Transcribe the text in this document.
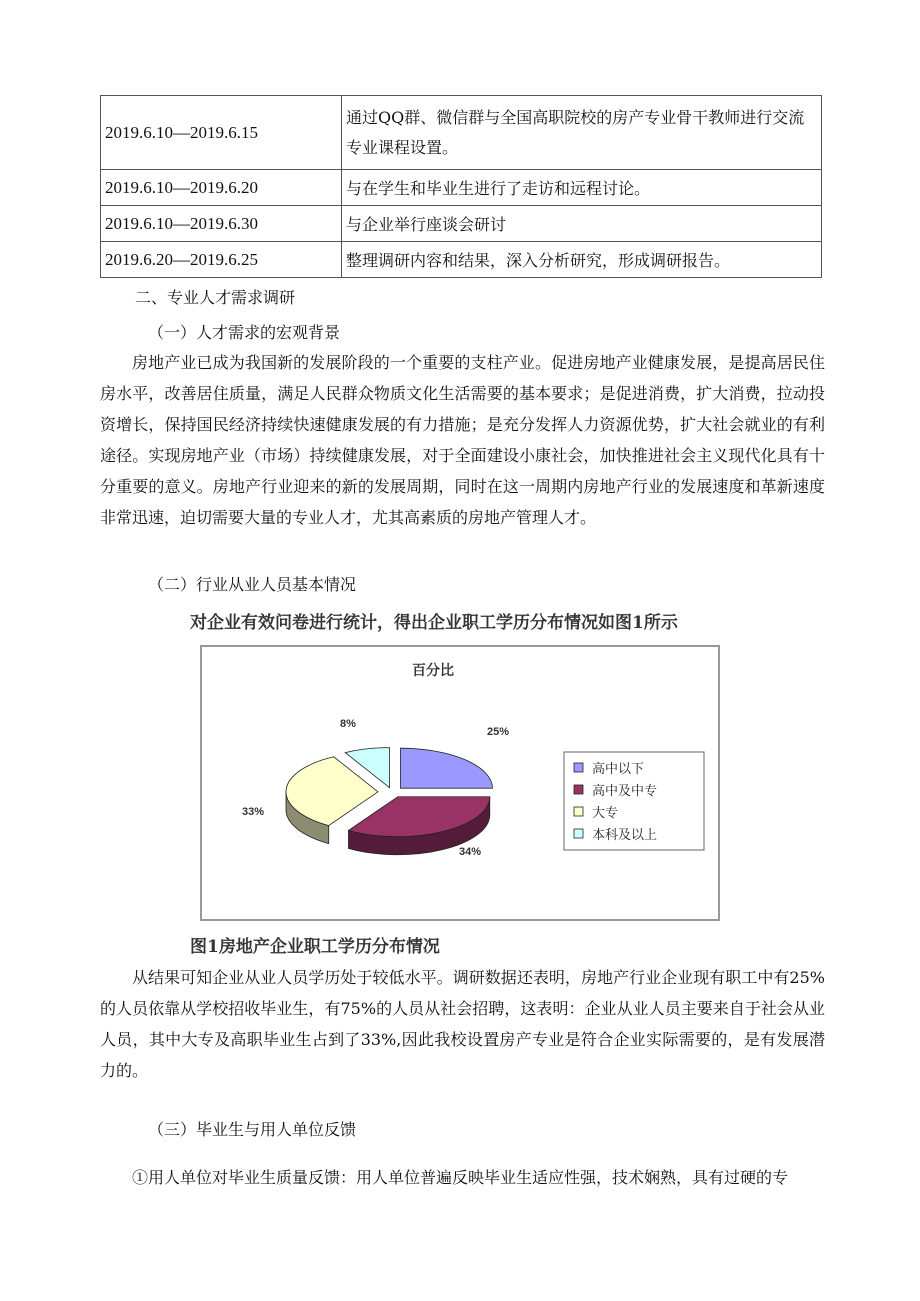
2019.6.10—2019.6.15	通过QQ群、微信群与全国高职院校的房产专业骨干教师进行交流专业课程设置。
2019.6.10—2019.6.20	与在学生和毕业生进行了走访和远程讨论。
2019.6.10—2019.6.30	与企业举行座谈会研讨
2019.6.20—2019.6.25	整理调研内容和结果，深入分析研究，形成调研报告。
二、专业人才需求调研
（一）人才需求的宏观背景

房地产业已成为我国新的发展阶段的一个重要的支柱产业。促进房地产业健康发展，是提高居民住房水平，改善居住质量，满足人民群众物质文化生活需要的基本要求；是促进消费，扩大消费，拉动投资增长，保持国民经济持续快速健康发展的有力措施；是充分发挥人力资源优势，扩大社会就业的有利途径。实现房地产业（市场）持续健康发展，对于全面建设小康社会，加快推进社会主义现代化具有十分重要的意义。房地产行业迎来的新的发展周期，同时在这一周期内房地产行业的发展速度和革新速度非常迅速，迫切需要大量的专业人才，尤其高素质的房地产管理人才。

（二）行业从业人员基本情况
对企业有效问卷进行统计，得出企业职工学历分布情况如图1所示
百分比
25%
34%
33%
8%
高中以下
高中及中专
大专
本科及以上
图1房地产企业职工学历分布情况

从结果可知企业从业人员学历处于较低水平。调研数据还表明，房地产行业企业现有职工中有25%的人员依靠从学校招收毕业生，有75%的人员从社会招聘，这表明：企业从业人员主要来自于社会从业人员，其中大专及高职毕业生占到了33%,因此我校设置房产专业是符合企业实际需要的，是有发展潜力的。

（三）毕业生与用人单位反馈

①用人单位对毕业生质量反馈：用人单位普遍反映毕业生适应性强，技术娴熟，具有过硬的专
